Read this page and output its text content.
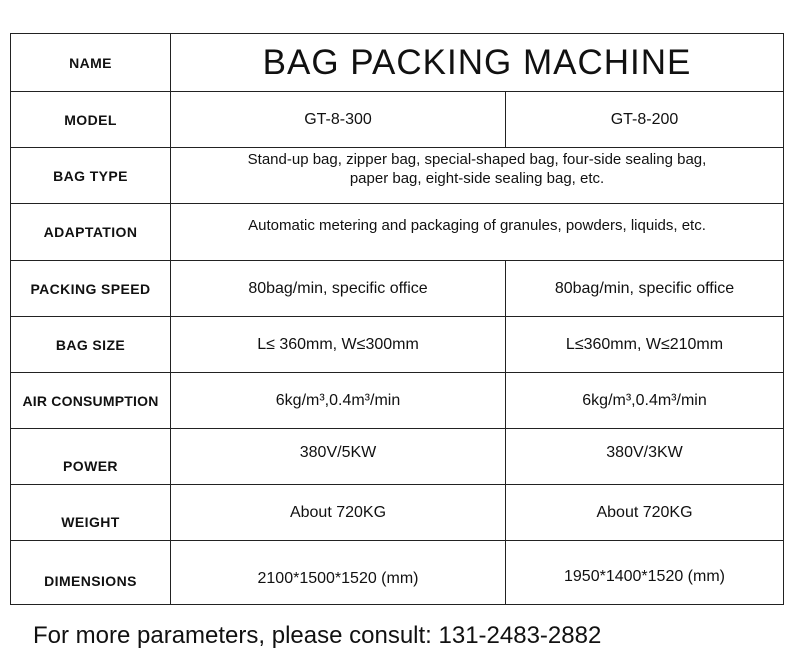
NAME	BAG PACKING MACHINE	
MODEL	GT-8-300	GT-8-200
BAG TYPE	Stand-up bag, zipper bag, special-shaped bag, four-side sealing bag,
paper bag, eight-side sealing bag, etc.	

ADAPTATION	Automatic metering and packaging of granules, powders, liquids, etc.	
PACKING SPEED	80bag/min, specific office	80bag/min, specific office
BAG SIZE	L≤ 360mm, W≤300mm	L≤360mm, W≤210mm
AIR CONSUMPTION	6kg/m³,0.4m³/min	6kg/m³,0.4m³/min
POWER	380V/5KW	380V/3KW
WEIGHT	About 720KG	About 720KG
DIMENSIONS	2100*1500*1520 (mm)	1950*1400*1520 (mm)
For more parameters, please consult: 131-2483-2882
